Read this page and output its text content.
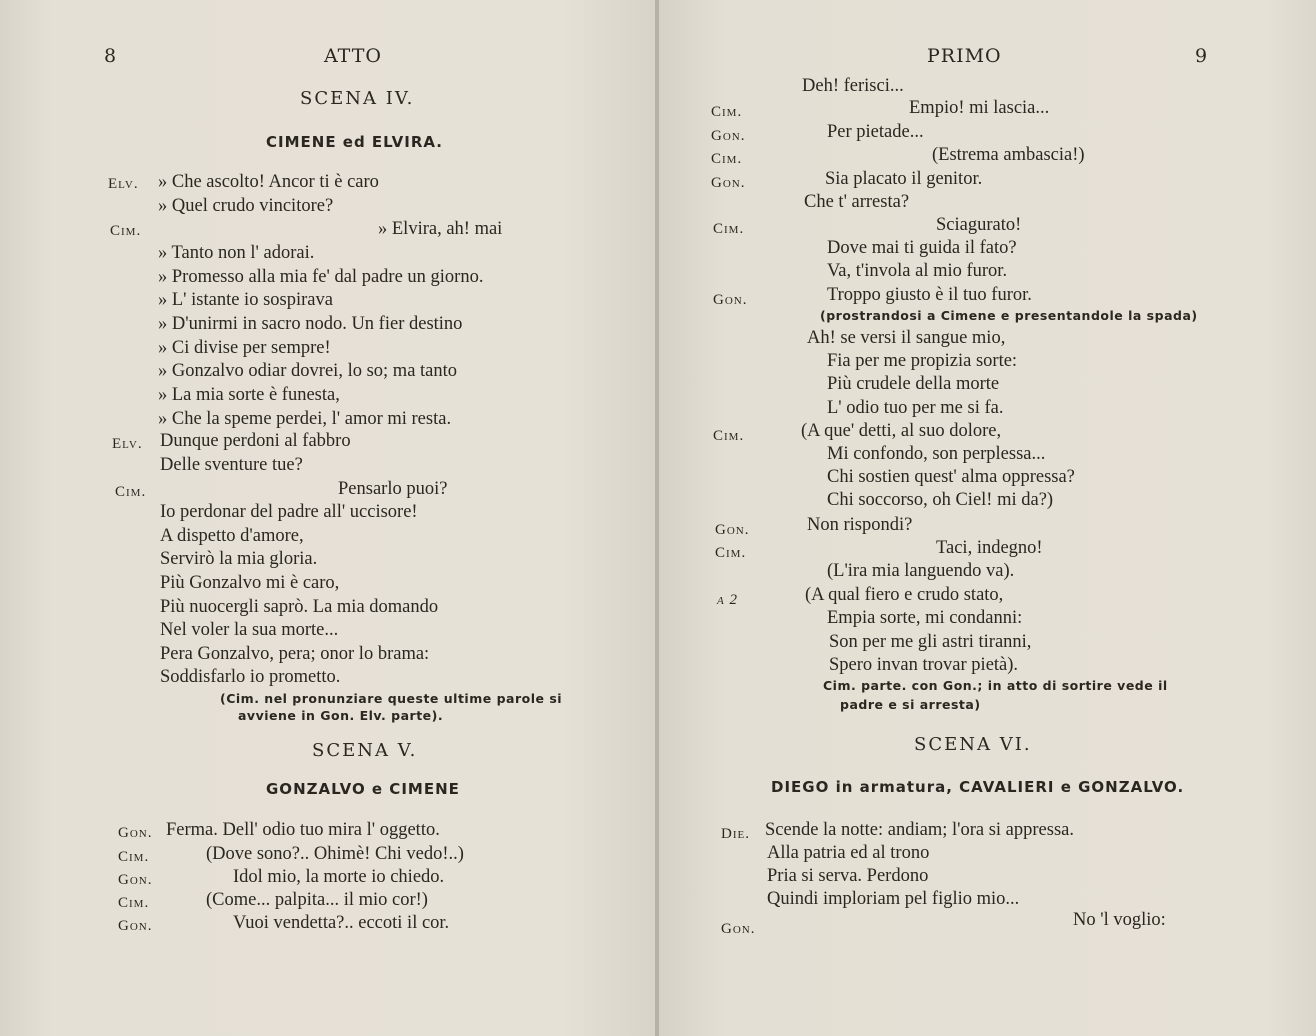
8	ATTO
SCENA IV.
CIMENE ed ELVIRA.
Elv. » Che ascolto! Ancor ti è caro
» Quel crudo vincitore?
Cim.	» Elvira, ah! mai
» Tanto non l' adorai.
» Promesso alla mia fe' dal padre un giorno.
» L' istante io sospirava
» D'unirmi in sacro nodo. Un fier destino
» Ci divise per sempre!
» Gonzalvo odiar dovrei, lo so; ma tanto
» La mia sorte è funesta,
» Che la speme perdei, l' amor mi resta.
Elv. Dunque perdoni al fabbro
Delle sventure tue?
Cim.	Pensarlo puoi?
Io perdonar del padre all' uccisore!
A dispetto d'amore,
Servirò la mia gloria.
Più Gonzalvo mi è caro,
Più nuocergli saprò. La mia domando
Nel voler la sua morte...
Pera Gonzalvo, pera; onor lo brama:
Soddisfarlo io prometto.
(Cim. nel pronunziare queste ultime parole si
avviene in Gon. Elv. parte).
SCENA V.
GONZALVO e CIMENE
Gon. Ferma. Dell' odio tuo mira l' oggetto.
Cim.	(Dove sono?.. Ohimè! Chi vedo!..)
Gon.	Idol mio, la morte io chiedo.
Cim.	(Come... palpita... il mio cor!)
Gon.	Vuoi vendetta?.. eccoti il cor.
PRIMO	9
Deh! ferisci...
Cim.	Empio! mi lascia...
Gon.	Per pietade...
Cim.	(Estrema ambascia!)
Gon.	Sia placato il genitor.
Che t' arresta?
Cim.	Sciagurato!
Dove mai ti guida il fato?
Va, t'invola al mio furor.
Gon.	Troppo giusto è il tuo furor.
(prostrandosi a Cimene e presentandole la spada)
Ah! se versi il sangue mio,
Fia per me propizia sorte:
Più crudele della morte
L' odio tuo per me si fa.
Cim.	(A que' detti, al suo dolore,
Mi confondo, son perplessa...
Chi sostien quest' alma oppressa?
Chi soccorso, oh Ciel! mi da?)
Gon.	Non rispondi?
Cim.	Taci, indegno!
(L'ira mia languendo va).
a 2	(A qual fiero e crudo stato,
Empia sorte, mi condanni:
Son per me gli astri tiranni,
Spero invan trovar pietà).
Cim. parte. con Gon.; in atto di sortire vede il
padre e si arresta)
SCENA VI.
DIEGO in armatura, CAVALIERI e GONZALVO.
Die. Scende la notte: andiam; l'ora si appressa.
Alla patria ed al trono
Pria si serva. Perdono
Quindi imploriam pel figlio mio...
Gon.	No 'l voglio:
